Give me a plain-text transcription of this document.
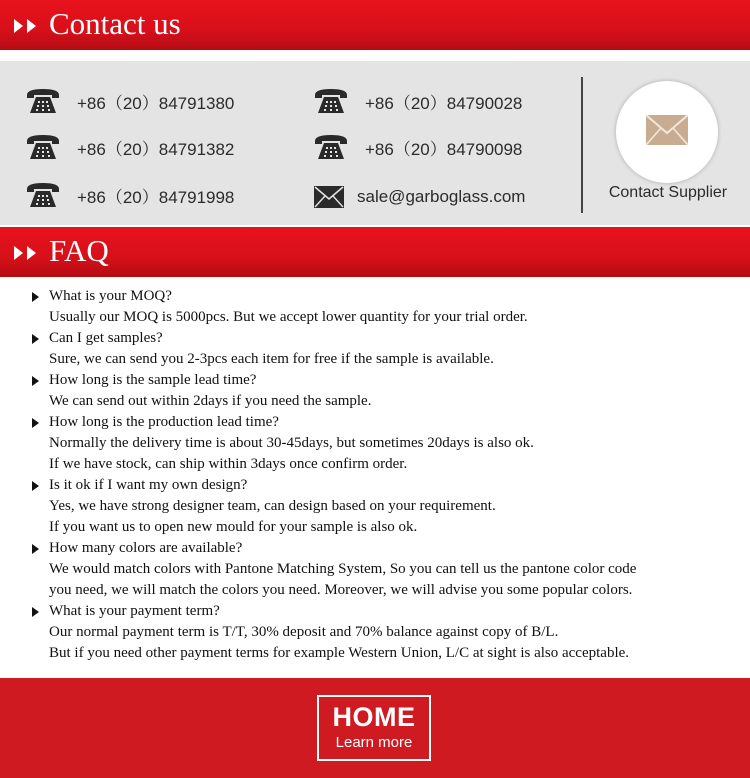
Contact us
+86（20）84791380
+86（20）84791382
+86（20）84791998
+86（20）84790028
+86（20）84790098
sale@garboglass.com	Contact Supplier
FAQ
What is your MOQ?
Usually our MOQ is 5000pcs. But we accept lower quantity for your trial order.
Can I get samples?
Sure, we can send you 2-3pcs each item for free if the sample is available.
How long is the sample lead time?
We can send out within 2days if you need the sample.
How long is the production lead time?
Normally the delivery time is about 30-45days, but sometimes 20days is also ok.
If we have stock, can ship within 3days once confirm order.
Is it ok if I want my own design?
Yes, we have strong designer team, can design based on your requirement.
If you want us to open new mould for your sample is also ok.
How many colors are available?
We would match colors with Pantone Matching System, So you can tell us the pantone color code
you need, we will match the colors you need. Moreover, we will advise you some popular colors.
What is your payment term?
Our normal payment term is T/T, 30% deposit and 70% balance against copy of B/L.
But if you need other payment terms for example Western Union, L/C at sight is also acceptable.
HOME
Learn more
